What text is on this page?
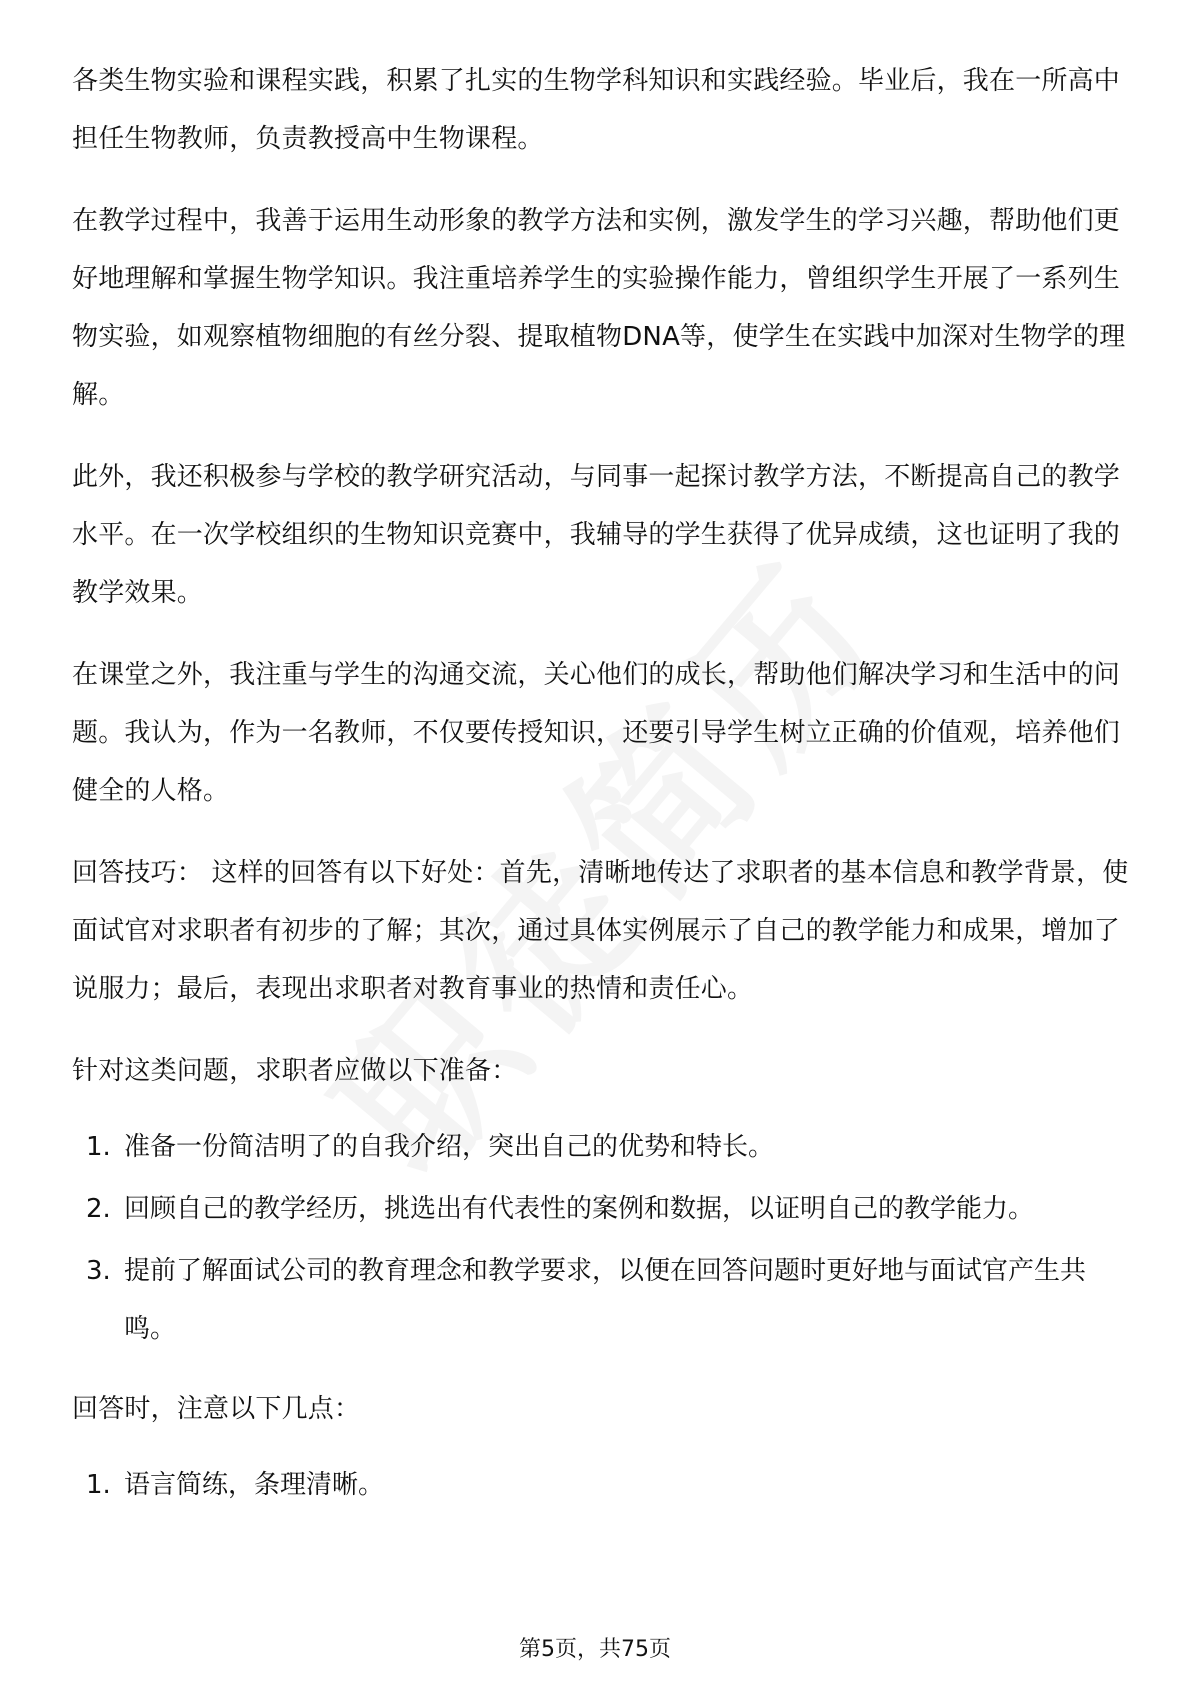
各类生物实验和课程实践，积累了扎实的生物学科知识和实践经验。毕业后，我在一所高中担任生物教师，负责教授高中生物课程。

在教学过程中，我善于运用生动形象的教学方法和实例，激发学生的学习兴趣，帮助他们更好地理解和掌握生物学知识。我注重培养学生的实验操作能力，曾组织学生开展了一系列生物实验，如观察植物细胞的有丝分裂、提取植物DNA等，使学生在实践中加深对生物学的理解。

此外，我还积极参与学校的教学研究活动，与同事一起探讨教学方法，不断提高自己的教学水平。在一次学校组织的生物知识竞赛中，我辅导的学生获得了优异成绩，这也证明了我的教学效果。

在课堂之外，我注重与学生的沟通交流，关心他们的成长，帮助他们解决学习和生活中的问题。我认为，作为一名教师，不仅要传授知识，还要引导学生树立正确的价值观，培养他们健全的人格。

回答技巧： 这样的回答有以下好处：首先，清晰地传达了求职者的基本信息和教学背景，使面试官对求职者有初步的了解；其次，通过具体实例展示了自己的教学能力和成果，增加了说服力；最后，表现出求职者对教育事业的热情和责任心。

针对这类问题，求职者应做以下准备：

1. 准备一份简洁明了的自我介绍，突出自己的优势和特长。
2. 回顾自己的教学经历，挑选出有代表性的案例和数据，以证明自己的教学能力。
3. 提前了解面试公司的教育理念和教学要求，以便在回答问题时更好地与面试官产生共鸣。

回答时，注意以下几点：

1. 语言简练，条理清晰。
第5页，共75页
